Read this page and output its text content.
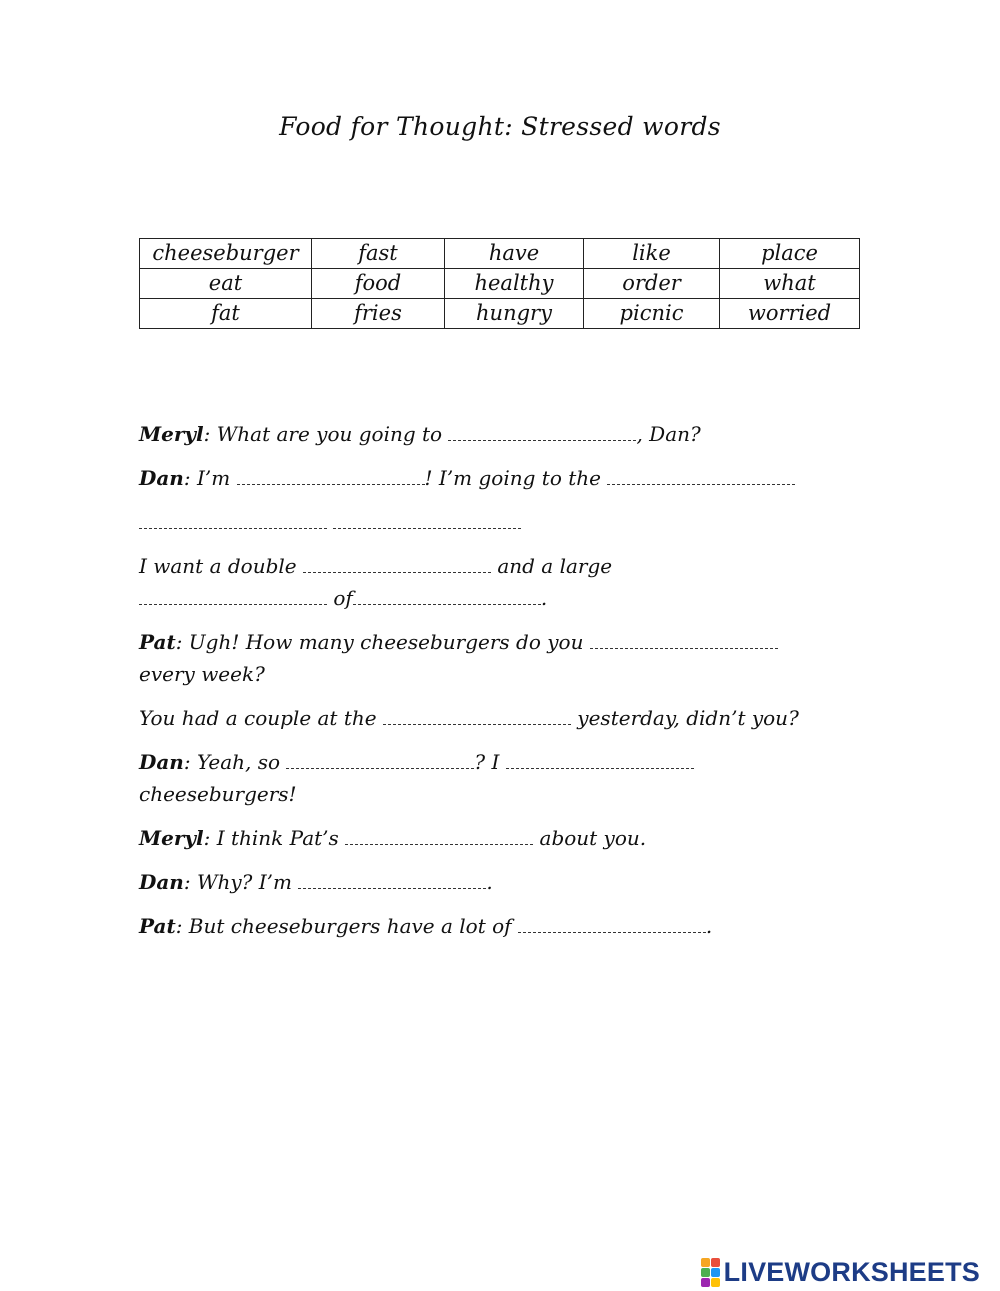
Food for Thought: Stressed words
cheeseburger	fast	have	like	place
eat	food	healthy	order	what
fat	fries	hungry	picnic	worried
Meryl: What are you going to	, Dan?
Dan: I’m	! I’m going to the

I want a double	and a large
of	.
Pat: Ugh! How many cheeseburgers do you
every week?
You had a couple at the	yesterday, didn’t you?
Dan: Yeah, so	? I
cheeseburgers!
Meryl: I think Pat’s	about you.
Dan: Why? I’m	.
Pat: But cheeseburgers have a lot of	.
LIVEWORKSHEETS
